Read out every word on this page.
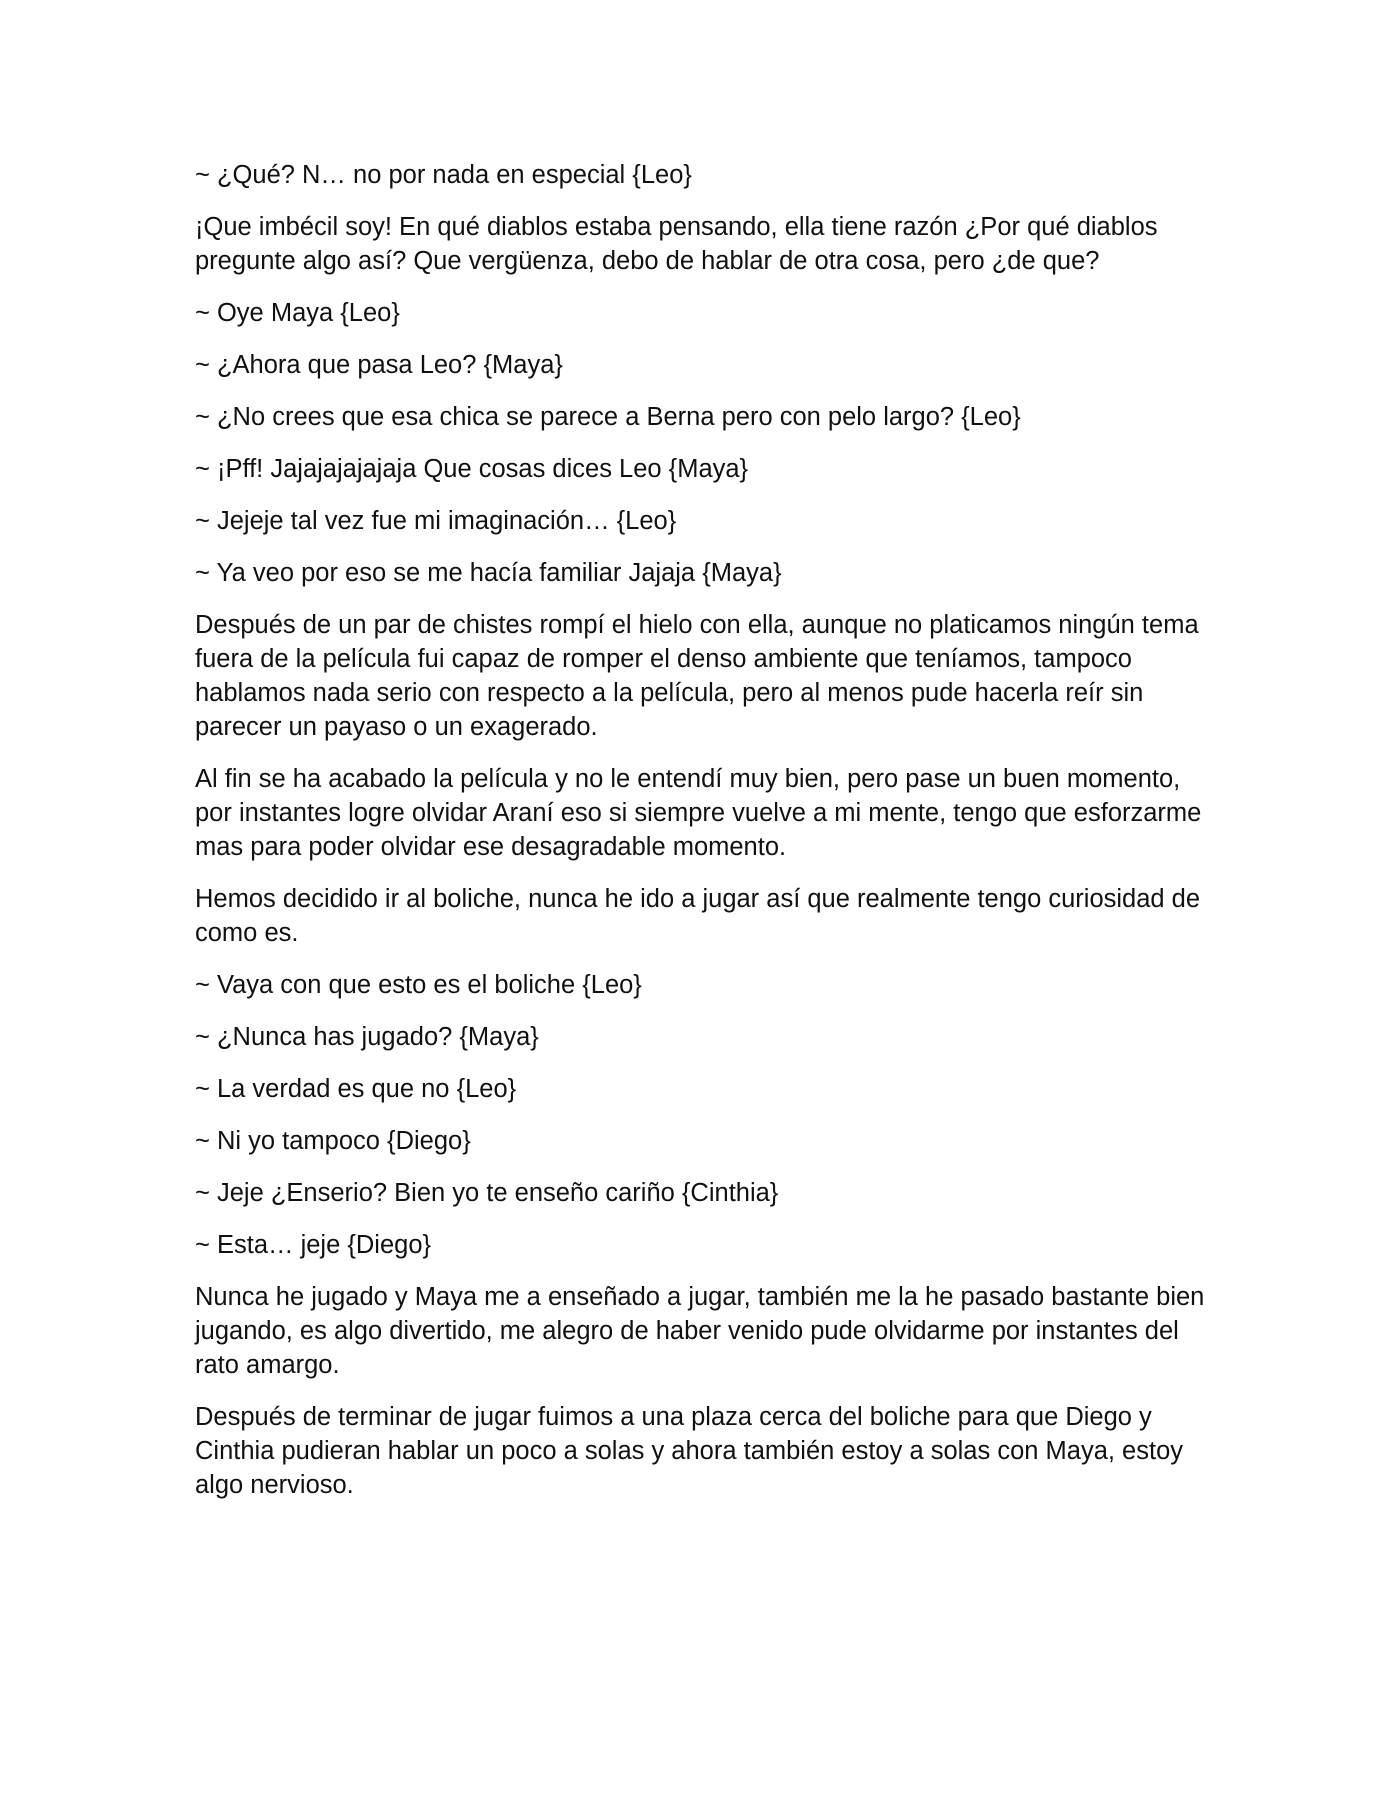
~ ¿Qué? N… no por nada en especial {Leo}

¡Que imbécil soy! En qué diablos estaba pensando, ella tiene razón ¿Por qué diablos pregunte algo así? Que vergüenza, debo de hablar de otra cosa, pero ¿de que?

~ Oye Maya {Leo}

~ ¿Ahora que pasa Leo? {Maya}

~ ¿No crees que esa chica se parece a Berna pero con pelo largo? {Leo}

~ ¡Pff! Jajajajajajaja Que cosas dices Leo {Maya}

~ Jejeje tal vez fue mi imaginación… {Leo}

~ Ya veo por eso se me hacía familiar Jajaja {Maya}

Después de un par de chistes rompí el hielo con ella, aunque no platicamos ningún tema fuera de la película fui capaz de romper el denso ambiente que teníamos, tampoco hablamos nada serio con respecto a la película, pero al menos pude hacerla reír sin parecer un payaso o un exagerado.

Al fin se ha acabado la película y no le entendí muy bien, pero pase un buen momento, por instantes logre olvidar Araní eso si siempre vuelve a mi mente, tengo que esforzarme mas para poder olvidar ese desagradable momento.

Hemos decidido ir al boliche, nunca he ido a jugar así que realmente tengo curiosidad de como es.

~ Vaya con que esto es el boliche {Leo}

~ ¿Nunca has jugado? {Maya}

~ La verdad es que no {Leo}

~ Ni yo tampoco {Diego}

~ Jeje ¿Enserio? Bien yo te enseño cariño {Cinthia}

~ Esta… jeje {Diego}

Nunca he jugado y Maya me a enseñado a jugar, también me la he pasado bastante bien jugando, es algo divertido, me alegro de haber venido pude olvidarme por instantes del rato amargo.

Después de terminar de jugar fuimos a una plaza cerca del boliche para que Diego y Cinthia pudieran hablar un poco a solas y ahora también estoy a solas con Maya, estoy algo nervioso.
